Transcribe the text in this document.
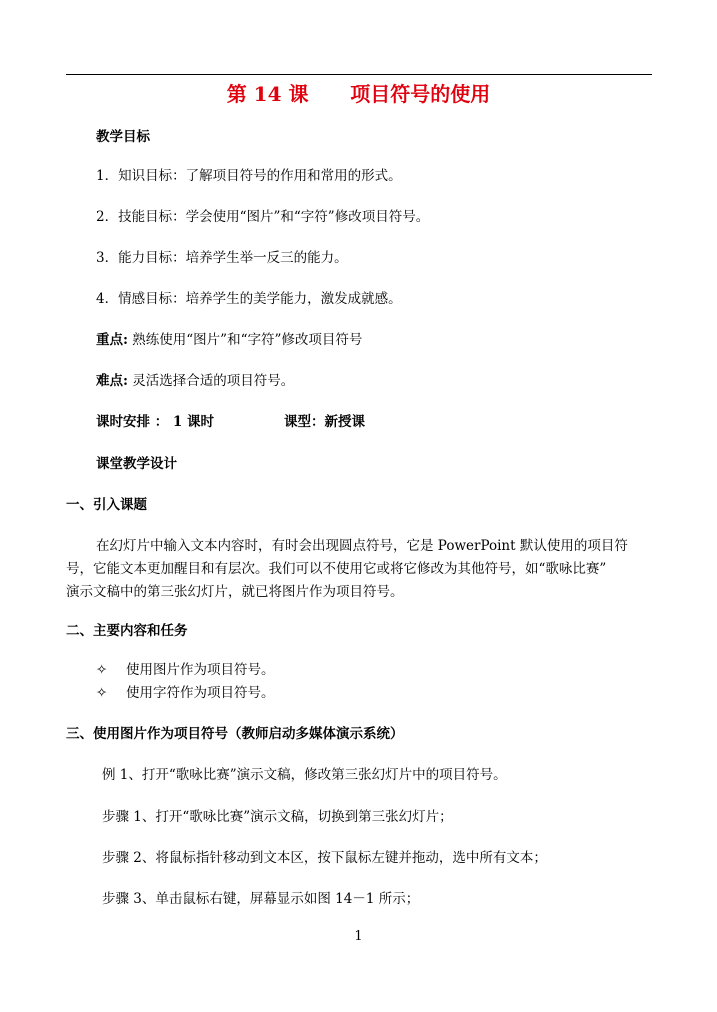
第 14 课      项目符号的使用
教学目标
1．知识目标：了解项目符号的作用和常用的形式。
2．技能目标：学会使用“图片”和“字符”修改项目符号。
3．能力目标：培养学生举一反三的能力。
4．情感目标：培养学生的美学能力，激发成就感。
重点: 熟练使用“图片”和“字符”修改项目符号
难点: 灵活选择合适的项目符号。
课时安排 ： 1 课时	课型：新授课
课堂教学设计
一、引入课题
在幻灯片中输入文本内容时，有时会出现圆点符号，它是 PowerPoint 默认使用的项目符
号，它能文本更加醒目和有层次。我们可以不使用它或将它修改为其他符号，如“歌咏比赛”
演示文稿中的第三张幻灯片，就已将图片作为项目符号。
二、主要内容和任务
✧ 使用图片作为项目符号。
✧ 使用字符作为项目符号。
三、使用图片作为项目符号（教师启动多媒体演示系统）
例 1、打开“歌咏比赛”演示文稿，修改第三张幻灯片中的项目符号。
步骤 1、打开“歌咏比赛”演示文稿，切换到第三张幻灯片；
步骤 2、将鼠标指针移动到文本区，按下鼠标左键并拖动，选中所有文本；
步骤 3、单击鼠标右键，屏幕显示如图 14－1 所示；
1
